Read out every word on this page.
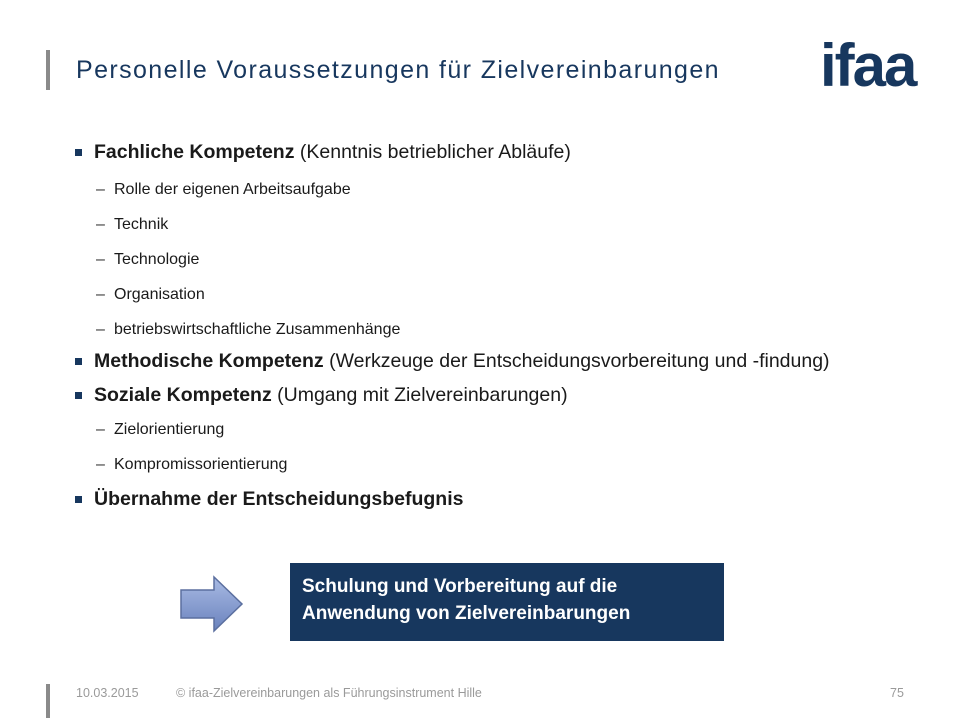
Personelle Voraussetzungen für Zielvereinbarungen ifaa
Fachliche Kompetenz (Kenntnis betrieblicher Abläufe)
– Rolle der eigenen Arbeitsaufgabe
– Technik
– Technologie
– Organisation
– betriebswirtschaftliche Zusammenhänge
Methodische Kompetenz (Werkzeuge der Entscheidungsvorbereitung und -findung)
Soziale Kompetenz (Umgang mit Zielvereinbarungen)
– Zielorientierung
– Kompromissorientierung
Übernahme der Entscheidungsbefugnis
Schulung und Vorbereitung auf die
Anwendung von Zielvereinbarungen
10.03.2015	© ifaa-Zielvereinbarungen als Führungsinstrument Hille	75
